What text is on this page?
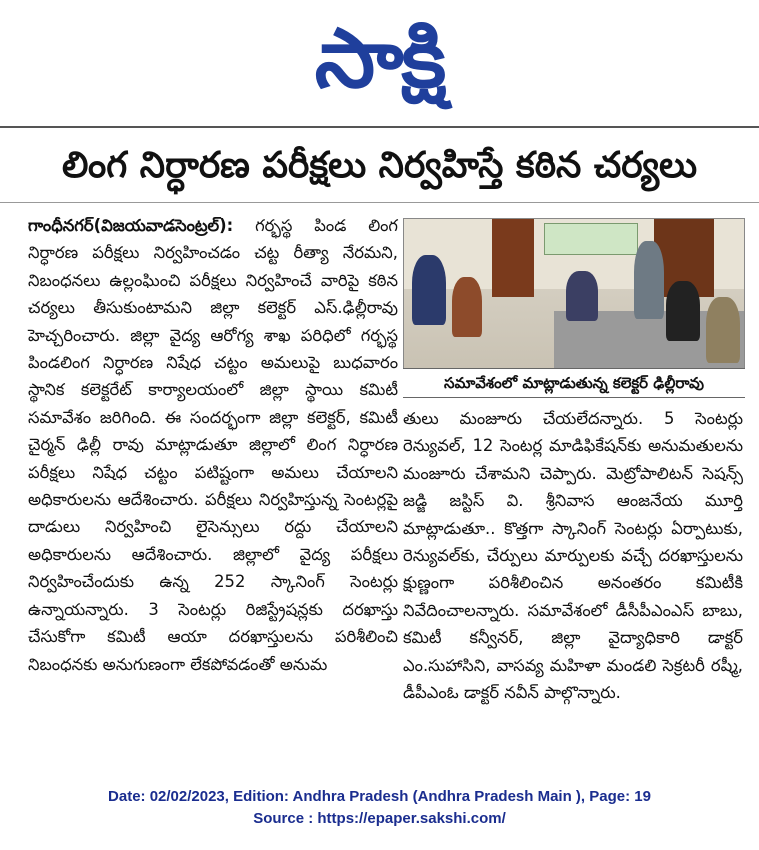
సాక్షి
లింగ నిర్ధారణ పరీక్షలు నిర్వహిస్తే కఠిన చర్యలు

గాంధీనగర్(విజయవాడసెంట్రల్): గర్భస్థ పిండ లింగ నిర్ధారణ పరీక్షలు నిర్వహించడం చట్ట రీత్యా నేరమని, నిబంధనలు ఉల్లంఘించి పరీక్షలు నిర్వహించే వారిపై కఠిన చర్యలు తీసుకుంటామని జిల్లా కలెక్టర్ ఎస్.ఢిల్లీరావు హెచ్చరించారు. జిల్లా వైద్య ఆరోగ్య శాఖ పరిధిలో గర్భస్థ పిండలింగ నిర్ధారణ నిషేధ చట్టం అమలుపై బుధవారం స్థానిక కలెక్టరేట్ కార్యాలయంలో జిల్లా స్థాయి కమిటీ సమావేశం జరిగింది. ఈ సందర్భంగా జిల్లా కలెక్టర్, కమిటీ చైర్మన్ ఢిల్లీ రావు మాట్లాడుతూ జిల్లాలో లింగ నిర్ధారణ పరీక్షలు నిషేధ చట్టం పటిష్టంగా అమలు చేయాలని అధికారులను ఆదేశించారు. పరీక్షలు నిర్వహిస్తున్న సెంటర్లపై దాడులు నిర్వహించి లైసెన్సులు రద్దు చేయాలని అధికారులను ఆదేశించారు. జిల్లాలో వైద్య పరీక్షలు నిర్వహించేందుకు ఉన్న 252 స్కానింగ్ సెంటర్లు ఉన్నాయన్నారు. 3 సెంటర్లు రిజిస్ట్రేషన్లకు దరఖాస్తు చేసుకోగా కమిటీ ఆయా దరఖాస్తులను పరిశీలించి నిబంధనకు అనుగుణంగా లేకపోవడంతో అనుమ

సమావేశంలో మాట్లాడుతున్న కలెక్టర్ ఢిల్లీరావు

తులు మంజూరు చేయలేదన్నారు. 5 సెంటర్లు రెన్యువల్, 12 సెంటర్ల మాడిఫికేషన్‌కు అనుమతులను మంజూరు చేశామని చెప్పారు. మెట్రోపాలిటన్ సెషన్స్ జడ్జి జస్టిస్ వి. శ్రీనివాస ఆంజనేయ మూర్తి మాట్లాడుతూ.. కొత్తగా స్కానింగ్ సెంటర్లు ఏర్పాటుకు, రెన్యువల్‌కు, చేర్పులు మార్పులకు వచ్చే దరఖాస్తులను క్షుణ్ణంగా పరిశీలించిన అనంతరం కమిటీకి నివేదించాలన్నారు. సమావేశంలో డీసీపీఎంఎస్ బాబు, కమిటీ కన్వీనర్, జిల్లా వైద్యాధికారి డాక్టర్ ఎం.సుహాసిని, వాసవ్య మహిళా మండలి సెక్రటరీ రష్మీ, డీపీఎంఓ డాక్టర్ నవీన్ పాల్గొన్నారు.

Date: 02/02/2023, Edition: Andhra Pradesh (Andhra Pradesh Main ), Page: 19
Source : https://epaper.sakshi.com/
